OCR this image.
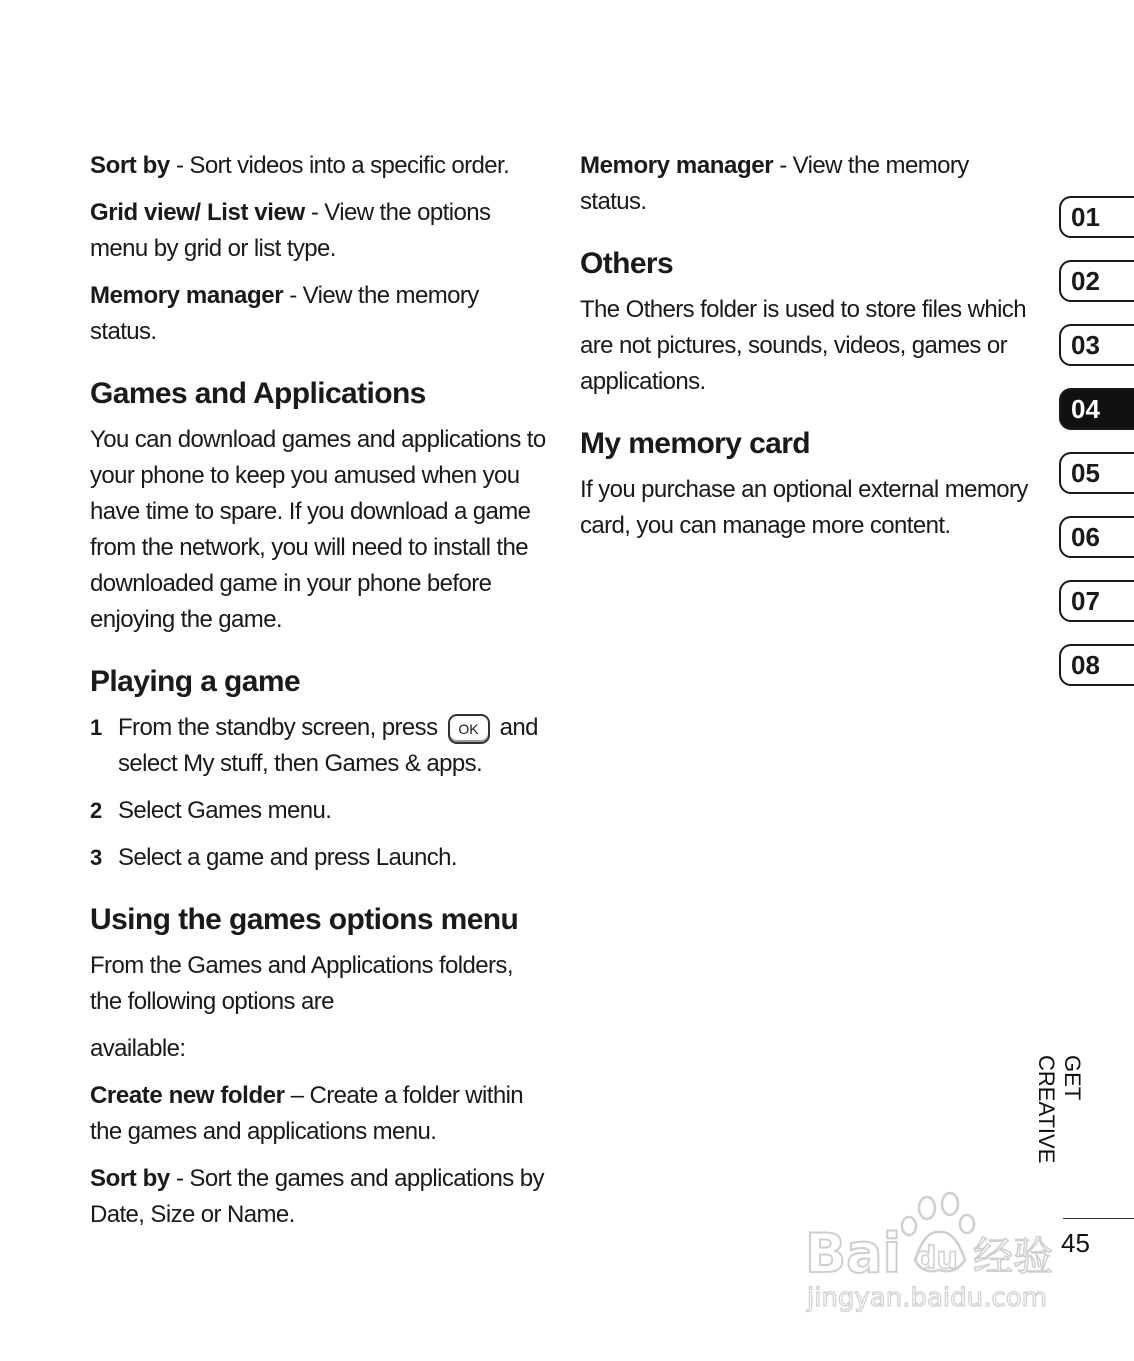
Sort by - Sort videos into a specific order.

Grid view/ List view - View the options menu by grid or list type.

Memory manager - View the memory status.

Games and Applications

You can download games and applications to your phone to keep you amused when you have time to spare. If you download a game from the network, you will need to install the downloaded game in your phone before enjoying the game.

Playing a game
1 From the standby screen, press OK and select My stuff, then Games & apps.
2 Select Games menu.
3 Select a game and press Launch.
Using the games options menu

From the Games and Applications folders, the following options are

available:

Create new folder – Create a folder within the games and applications menu.

Sort by - Sort the games and applications by Date, Size or Name.

Memory manager - View the memory status.

Others

The Others folder is used to store files which are not pictures, sounds, videos, games or applications.

My memory card

If you purchase an optional external memory card, you can manage more content.

01
02
03
04
05
06
07
08
GET CREATIVE
45
Bai du 经验
jingyan.baidu.com
